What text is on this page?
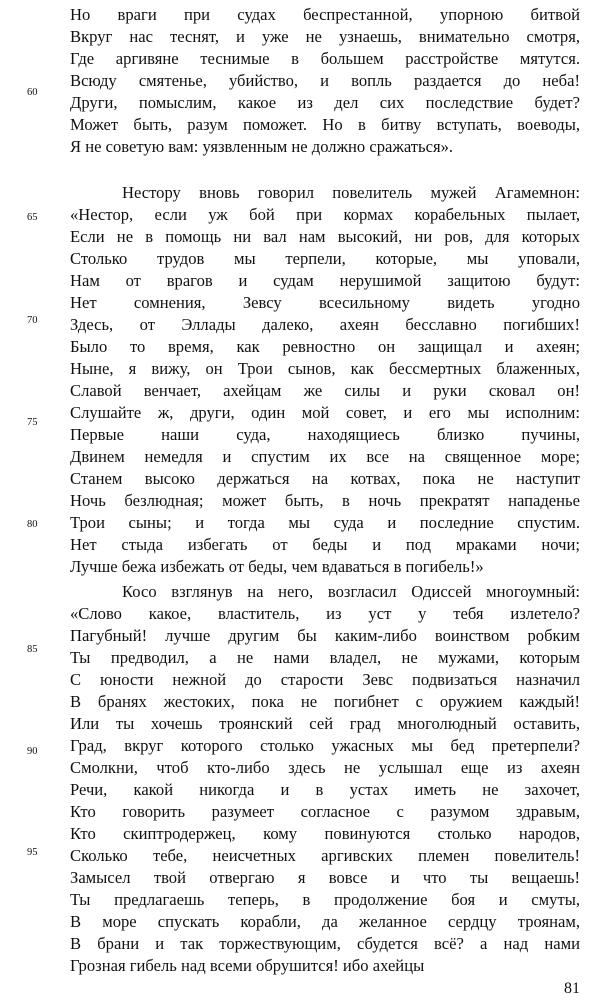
Но враги при судах беспрестанной, упорною битвой
Вкруг нас теснят, и уже не узнаешь, внимательно смотря,
Где аргивяне теснимые в большем расстройстве мятутся.
Всюду смятенье, убийство, и вопль раздается до неба!
Други, помыслим, какое из дел сих последствие будет?
Может быть, разум поможет. Но в битву вступать, воеводы,
Я не советую вам: уязвленным не должно сражаться».
Нестору вновь говорил повелитель мужей Агамемнон:
«Нестор, если уж бой при кормах корабельных пылает,
Если не в помощь ни вал нам высокий, ни ров, для которых
Столько трудов мы терпели, которые, мы уповали,
Нам от врагов и судам нерушимой защитою будут:
Нет сомнения, Зевсу всесильному видеть угодно
Здесь, от Эллады далеко, ахеян бесславно погибших!
Было то время, как ревностно он защищал и ахеян;
Ныне, я вижу, он Трои сынов, как бессмертных блаженных,
Славой венчает, ахейцам же силы и руки сковал он!
Слушайте ж, други, один мой совет, и его мы исполним:
Первые наши суда, находящиесь близко пучины,
Двинем немедля и спустим их все на священное море;
Станем высоко держаться на котвах, пока не наступит
Ночь безлюдная; может быть, в ночь прекратят нападенье
Трои сыны; и тогда мы суда и последние спустим.
Нет стыда избегать от беды и под мраками ночи;
Лучше бежа избежать от беды, чем вдаваться в погибель!»
Косо взглянув на него, возгласил Одиссей многоумный:
«Слово какое, властитель, из уст у тебя излетело?
Пагубный! лучше другим бы каким-либо воинством робким
Ты предводил, а не нами владел, не мужами, которым
С юности нежной до старости Зевс подвизаться назначил
В бранях жестоких, пока не погибнет с оружием каждый!
Или ты хочешь троянский сей град многолюдный оставить,
Град, вкруг которого столько ужасных мы бед претерпели?
Смолкни, чтоб кто-либо здесь не услышал еще из ахеян
Речи, какой никогда и в устах иметь не захочет,
Кто говорить разумеет согласное с разумом здравым,
Кто скиптродержец, кому повинуются столько народов,
Сколько тебе, неисчетных аргивских племен повелитель!
Замысел твой отвергаю я вовсе и что ты вещаешь!
Ты предлагаешь теперь, в продолжение боя и смуты,
В море спускать корабли, да желанное сердцу троянам,
В брани и так торжествующим, сбудется всё? а над нами
Грозная гибель над всеми обрушится! ибо ахейцы
60
65
70
75
80
85
90
95
81
